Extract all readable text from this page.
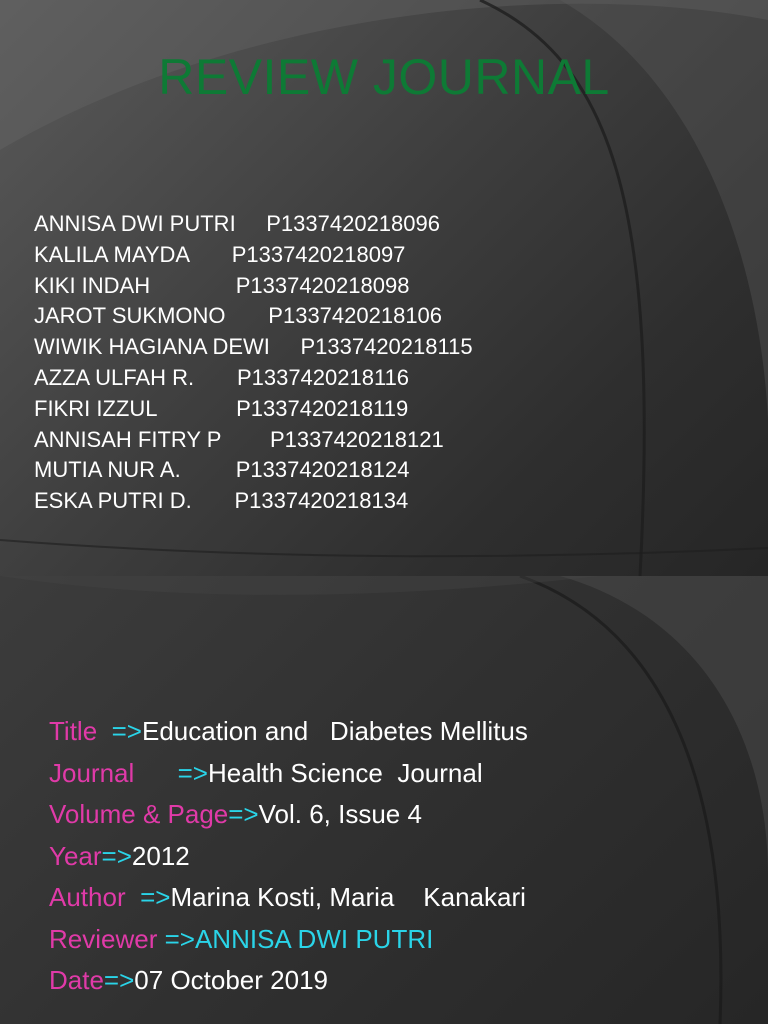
REVIEW JOURNAL
ANNISA DWI PUTRI     P1337420218096
KALILA MAYDA       P1337420218097
KIKI INDAH              P1337420218098
JAROT SUKMONO       P1337420218106
WIWIK HAGIANA DEWI     P1337420218115
AZZA ULFAH R.       P1337420218116
FIKRI IZZUL             P1337420218119
ANNISAH FITRY P        P1337420218121
MUTIA NUR A.         P1337420218124
ESKA PUTRI D.       P1337420218134
Title  =>Education and   Diabetes Mellitus
Journal      =>Health Science  Journal
Volume & Page=>Vol. 6, Issue 4
Year=>2012
Author  =>Marina Kosti, Maria    Kanakari
Reviewer =>ANNISA DWI PUTRI
Date=>07 October 2019
